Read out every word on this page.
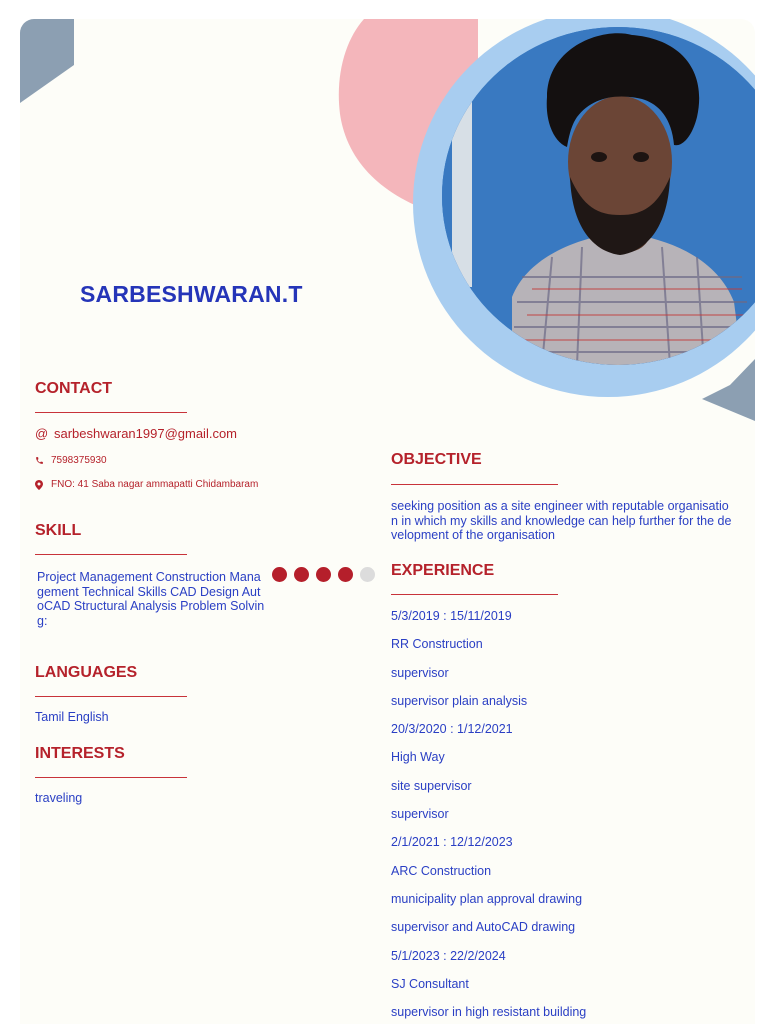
SARBESHWARAN.T
CONTACT
@ sarbeshwaran1997@gmail.com
7598375930
FNO: 41 Saba nagar ammapatti Chidambaram
SKILL

Project Management Construction Management Technical Skills CAD Design AutoCAD Structural Analysis Problem Solving:

LANGUAGES

Tamil English

INTERESTS

traveling

OBJECTIVE

seeking position as a site engineer with reputable organisation in which my skills and knowledge can help further for the development of the organisation

EXPERIENCE
5/3/2019 : 15/11/2019
RR Construction
supervisor
supervisor plain analysis
20/3/2020 : 1/12/2021
High Way
site supervisor
supervisor
2/1/2021 : 12/12/2023
ARC Construction
municipality plan approval drawing
supervisor and AutoCAD drawing
5/1/2023 : 22/2/2024
SJ Consultant
supervisor in high resistant building
